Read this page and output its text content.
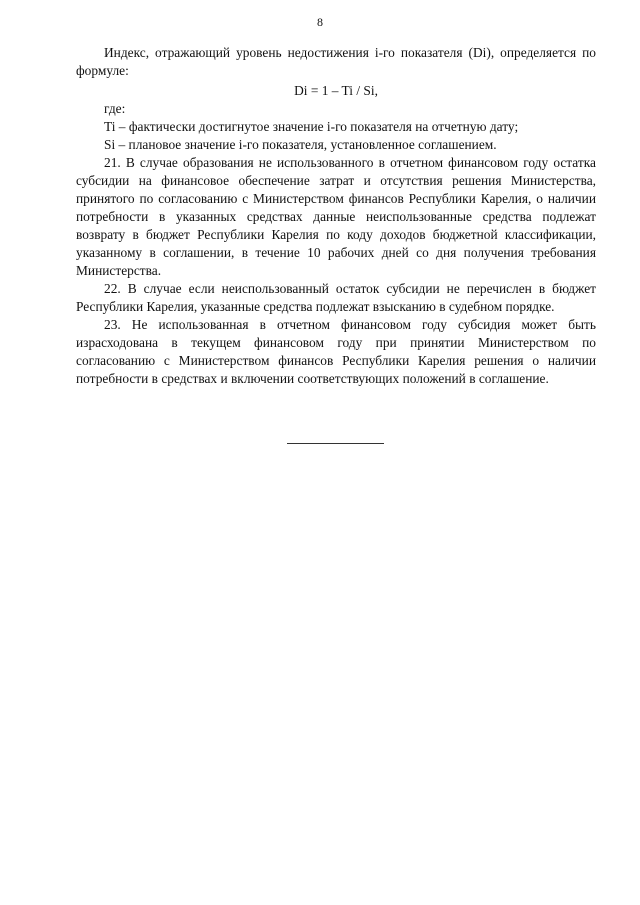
8

Индекс, отражающий уровень недостижения i-го показателя (Di), определяется по формуле:

Di = 1 – Ti / Si,

где:

Ti – фактически достигнутое значение i-го показателя на отчетную дату;

Si – плановое значение i-го показателя, установленное соглашением.

21. В случае образования не использованного в отчетном финансовом году остатка субсидии на финансовое обеспечение затрат и отсутствия решения Министерства, принятого по согласованию с Министерством финансов Республики Карелия, о наличии потребности в указанных средствах данные неиспользованные средства подлежат возврату в бюджет Республики Карелия по коду доходов бюджетной классификации, указанному в соглашении, в течение 10 рабочих дней со дня получения требования Министерства.

22. В случае если неиспользованный остаток субсидии не перечислен в бюджет Республики Карелия, указанные средства подлежат взысканию в судебном порядке.

23. Не использованная в отчетном финансовом году субсидия может быть израсходована в текущем финансовом году при принятии Министерством по согласованию с Министерством финансов Республики Карелия решения о наличии потребности в средствах и включении соответствующих положений в соглашение.
